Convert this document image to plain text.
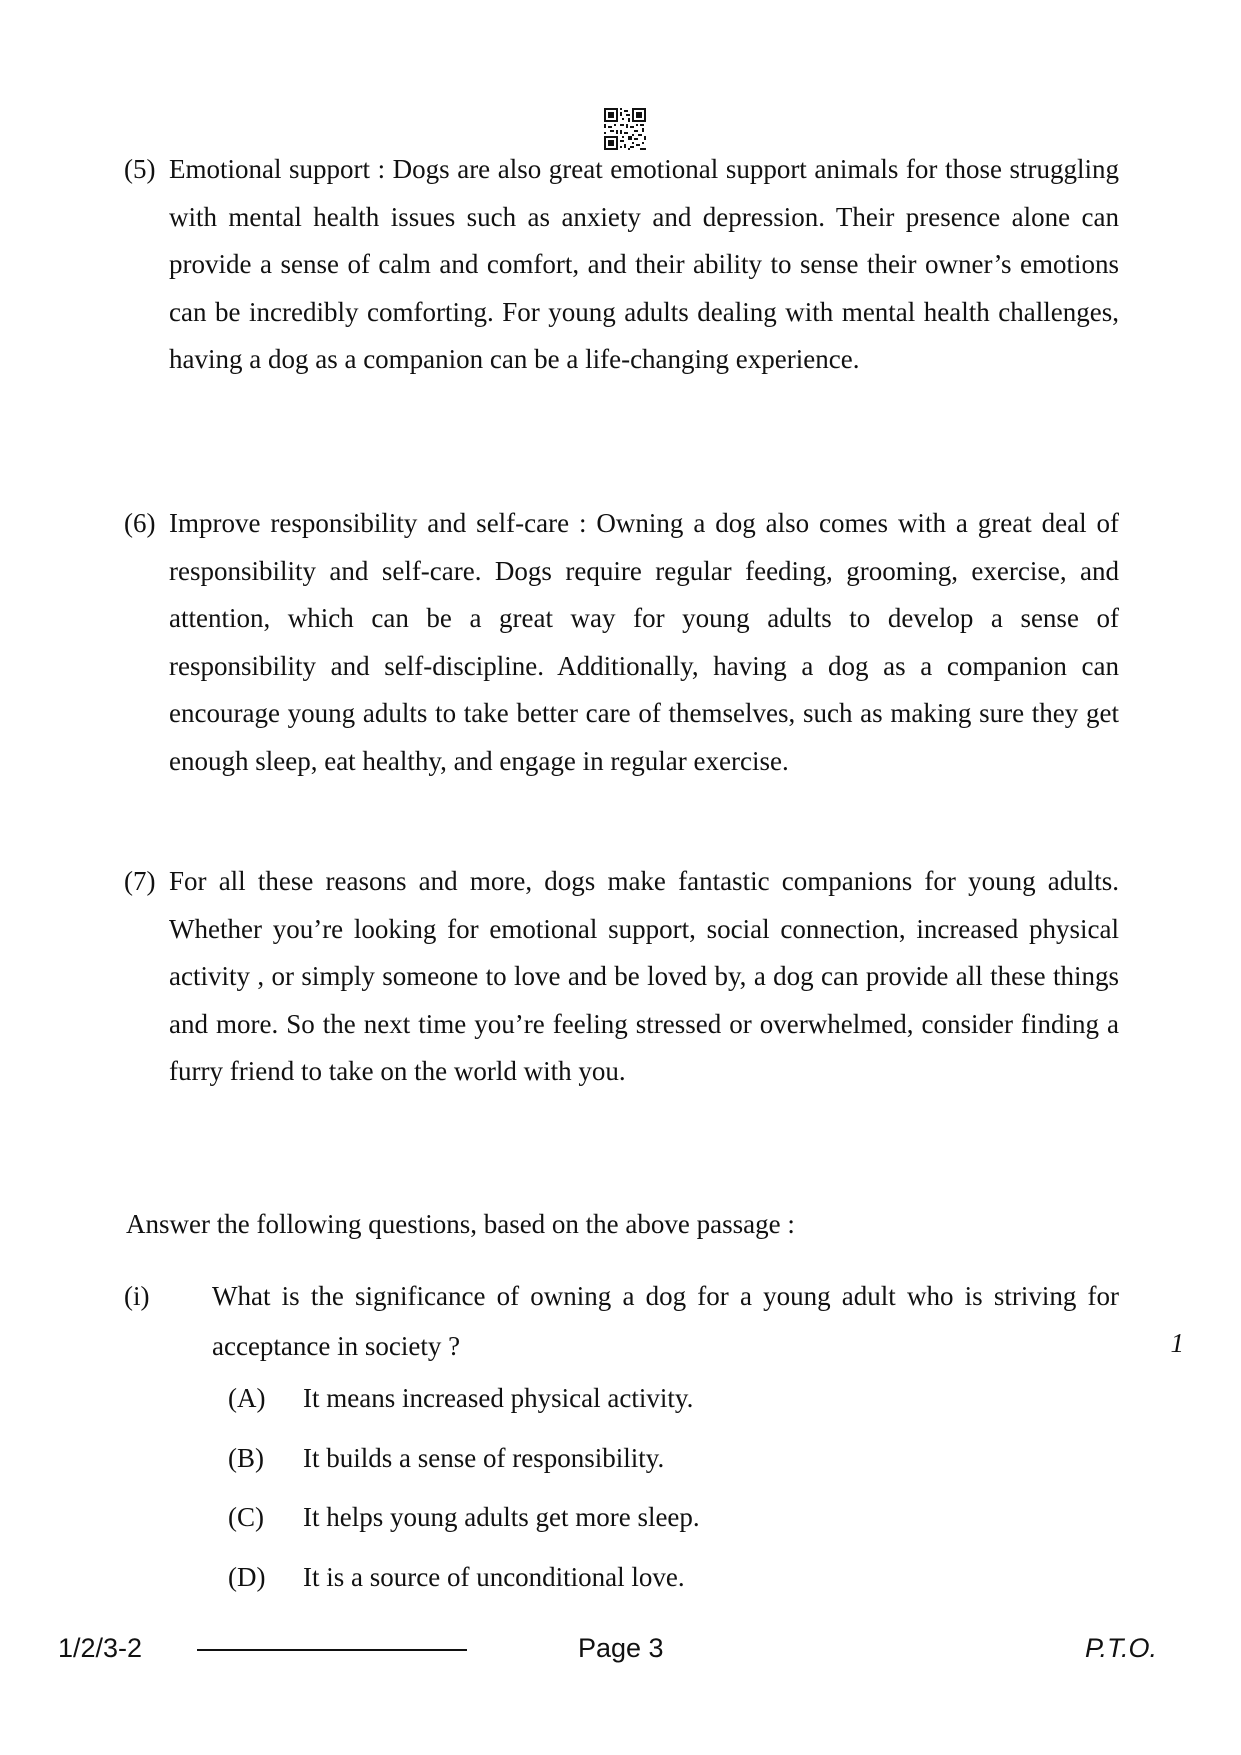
(5) Emotional support : Dogs are also great emotional support animals for those struggling with mental health issues such as anxiety and depression. Their presence alone can provide a sense of calm and comfort, and their ability to sense their owner’s emotions can be incredibly comforting. For young adults dealing with mental health challenges, having a dog as a companion can be a life-changing experience.
(6) Improve responsibility and self-care : Owning a dog also comes with a great deal of responsibility and self-care. Dogs require regular feeding, grooming, exercise, and attention, which can be a great way for young adults to develop a sense of responsibility and self-discipline. Additionally, having a dog as a companion can encourage young adults to take better care of themselves, such as making sure they get enough sleep, eat healthy, and engage in regular exercise.
(7) For all these reasons and more, dogs make fantastic companions for young adults. Whether you’re looking for emotional support, social connection, increased physical activity , or simply someone to love and be loved by, a dog can provide all these things and more. So the next time you’re feeling stressed or overwhelmed, consider finding a furry friend to take on the world with you.
Answer the following questions, based on the above passage :
(i) What is the significance of owning a dog for a young adult who is striving for acceptance in society ?	1
(A) It means increased physical activity.
(B) It builds a sense of responsibility.
(C) It helps young adults get more sleep.
(D) It is a source of unconditional love.
1/2/3-2	Page 3	P.T.O.
